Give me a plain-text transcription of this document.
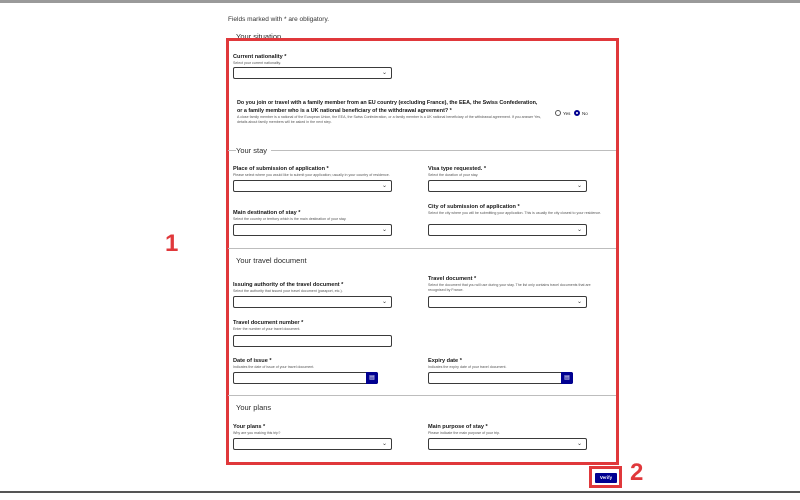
Fields marked with * are obligatory.
Your situation
1
Current nationality *
Select your current nationality.
⌄
Do you join or travel with a family member from an EU country (excluding France), the EEA, the Swiss Confederation, or a family member who is a UK national beneficiary of the withdrawal agreement? *
A close family member is a national of the European Union, the EEA, the Swiss Confederation, or a family member is a UK national beneficiary of the withdrawal agreement. If you answer Yes, details about family members will be asked in the next step.
Yes	No
Your stay
Place of submission of application *
Please select where you would like to submit your application; usually in your country of residence.
⌄
Visa type requested. *
Select the duration of your stay.
⌄
Main destination of stay *
Select the country or territory which is the main destination of your stay.
⌄
City of submission of application *
Select the city where you will be submitting your application. This is usually the city closest to your residence.
⌄
Your travel document
Issuing authority of the travel document *
Select the authority that issued your travel document (passport, etc.).
⌄
Travel document *
Select the document that you will use during your stay. The list only contains travel documents that are recognised by France.
⌄
Travel document number *
Enter the number of your travel document.
Date of issue *
Indicates the date of issue of your travel document.
▤
Expiry date *
Indicates the expiry date of your travel document.
▤
Your plans
Your plans *
Why are you making this trip?
⌄
Main purpose of stay *
Please indicate the main purpose of your trip.
⌄
Verify 2
